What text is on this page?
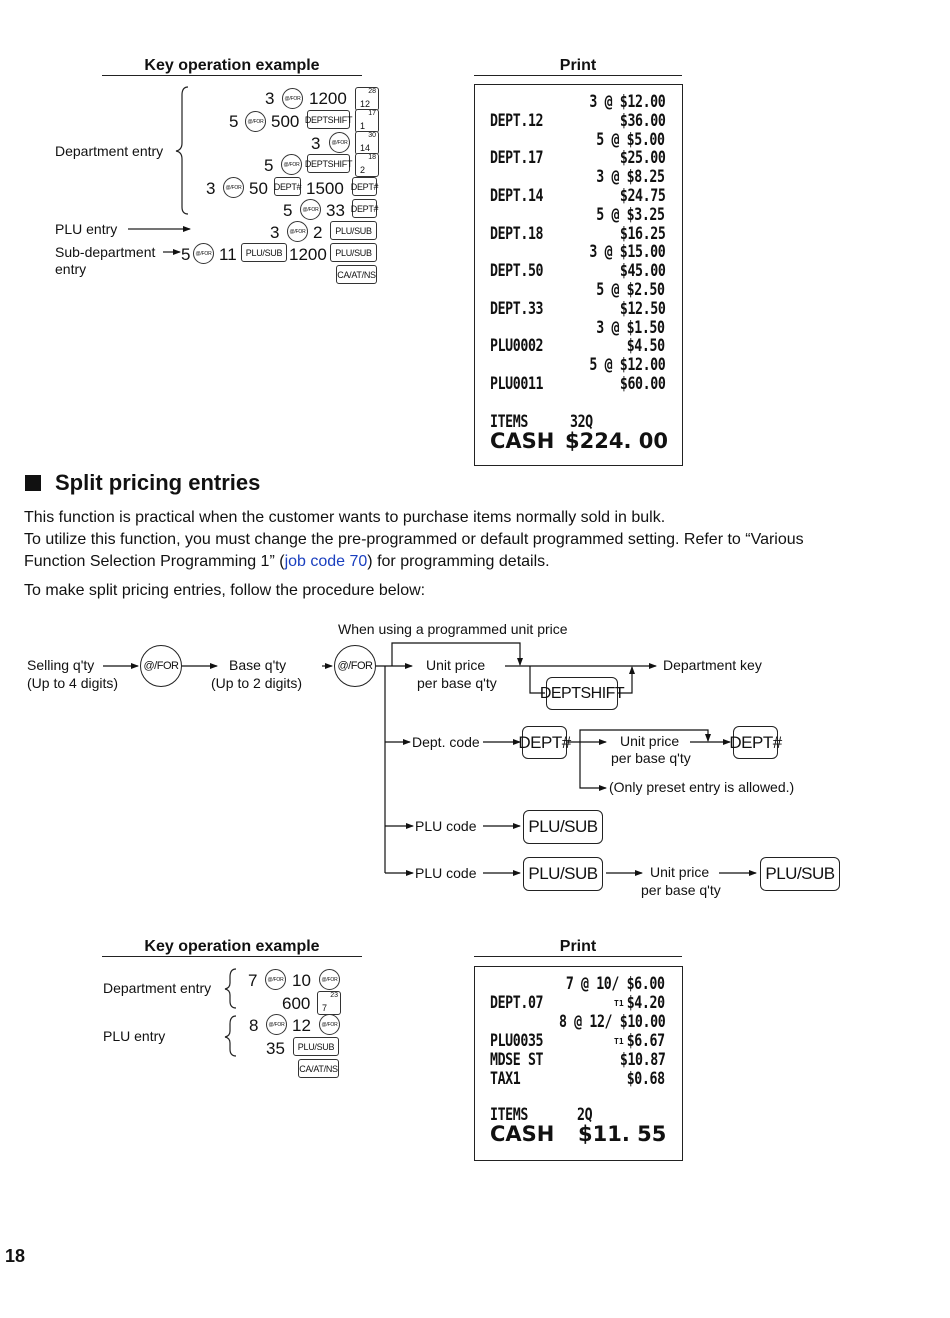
Key operation example	Print
Department entry
PLU entry
Sub-department
entry
3	@/FOR 1200	28
12
5	@/FOR 500 DEPTSHIFT
17
1
3	@/FOR
30
14
5	@/FOR DEPTSHIFT
18
2
3	@/FOR 50 DEPT# 1500 DEPT#
5	@/FOR 33 DEPT#
3	@/FOR 2	PLU/SUB
5	@/FOR 11	PLU/SUB 1200 PLU/SUB
CA/AT/NS
3 @ $12.00
DEPT.12	$36.00
5 @ $5.00
DEPT.17	$25.00
3 @ $8.25
DEPT.14	$24.75
5 @ $3.25
DEPT.18	$16.25
3 @ $15.00
DEPT.50	$45.00
5 @ $2.50
DEPT.33	$12.50
3 @ $1.50
PLU0002	$4.50
5 @ $12.00
PLU0011	$60.00
ITEMS 32Q
CASH $224. 00
Split pricing entries
This function is practical when the customer wants to purchase items normally sold in bulk.
To utilize this function, you must change the pre-programmed or default programmed setting. Refer to “Various
Function Selection Programming 1” (job code 70) for programming details.
To make split pricing entries, follow the procedure below:
When using a programmed unit price
Selling q'ty
(Up to 4 digits)
@/FOR	Base q'ty
(Up to 2 digits)
@/FOR	Unit price
per base q'ty
Department key
DEPTSHIFT
Dept. code DEPT#	Unit price
per base q'ty
DEPT#
(Only preset entry is allowed.)
PLU code	PLU/SUB
PLU code	PLU/SUB	Unit price
per base q'ty
PLU/SUB
Key operation example	Print
Department entry
PLU entry
7	@/FOR 10	@/FOR
600	23
7
8	@/FOR 12	@/FOR
35	PLU/SUB
CA/AT/NS
7 @ 10/ $6.00
DEPT.07	T1 $4.20
8 @ 12/ $10.00
PLU0035	T1 $6.67
MDSE ST	$10.87
TAX1	$0.68
ITEMS	2Q
CASH $11. 55
18
